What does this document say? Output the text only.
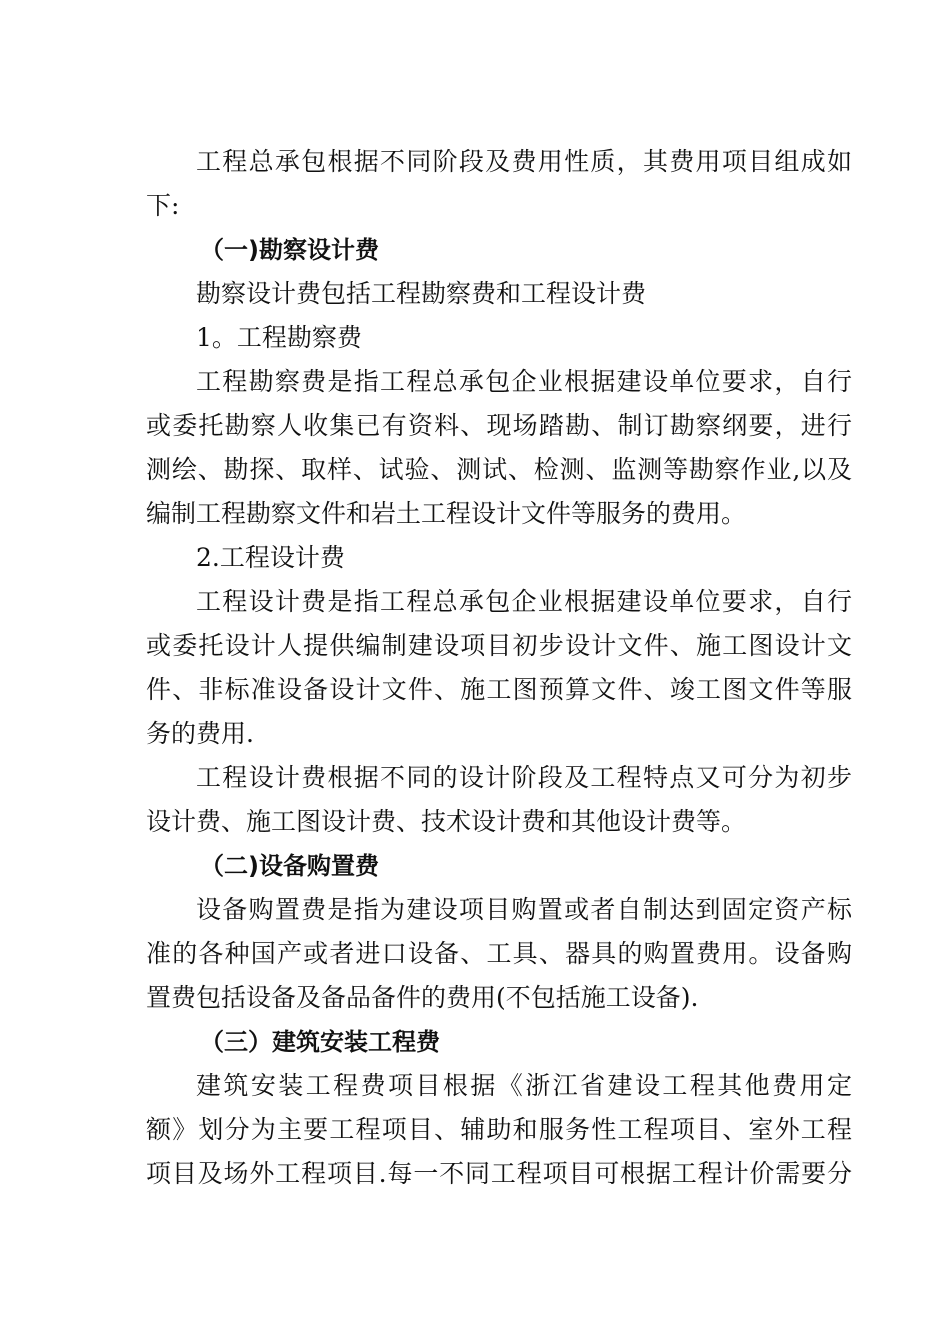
工程总承包根据不同阶段及费用性质，其费用项目组成如

下:

（一)勘察设计费

勘察设计费包括工程勘察费和工程设计费

1。工程勘察费

工程勘察费是指工程总承包企业根据建设单位要求，自行

或委托勘察人收集已有资料、现场踏勘、制订勘察纲要，进行

测绘、勘探、取样、试验、测试、检测、监测等勘察作业,以及

编制工程勘察文件和岩土工程设计文件等服务的费用。

2.工程设计费

工程设计费是指工程总承包企业根据建设单位要求，自行

或委托设计人提供编制建设项目初步设计文件、施工图设计文

件、非标准设备设计文件、施工图预算文件、竣工图文件等服

务的费用.

工程设计费根据不同的设计阶段及工程特点又可分为初步

设计费、施工图设计费、技术设计费和其他设计费等。

（二)设备购置费

设备购置费是指为建设项目购置或者自制达到固定资产标

准的各种国产或者进口设备、工具、器具的购置费用。设备购

置费包括设备及备品备件的费用(不包括施工设备).

（三）建筑安装工程费

建筑安装工程费项目根据《浙江省建设工程其他费用定

额》划分为主要工程项目、辅助和服务性工程项目、室外工程

项目及场外工程项目.每一不同工程项目可根据工程计价需要分
